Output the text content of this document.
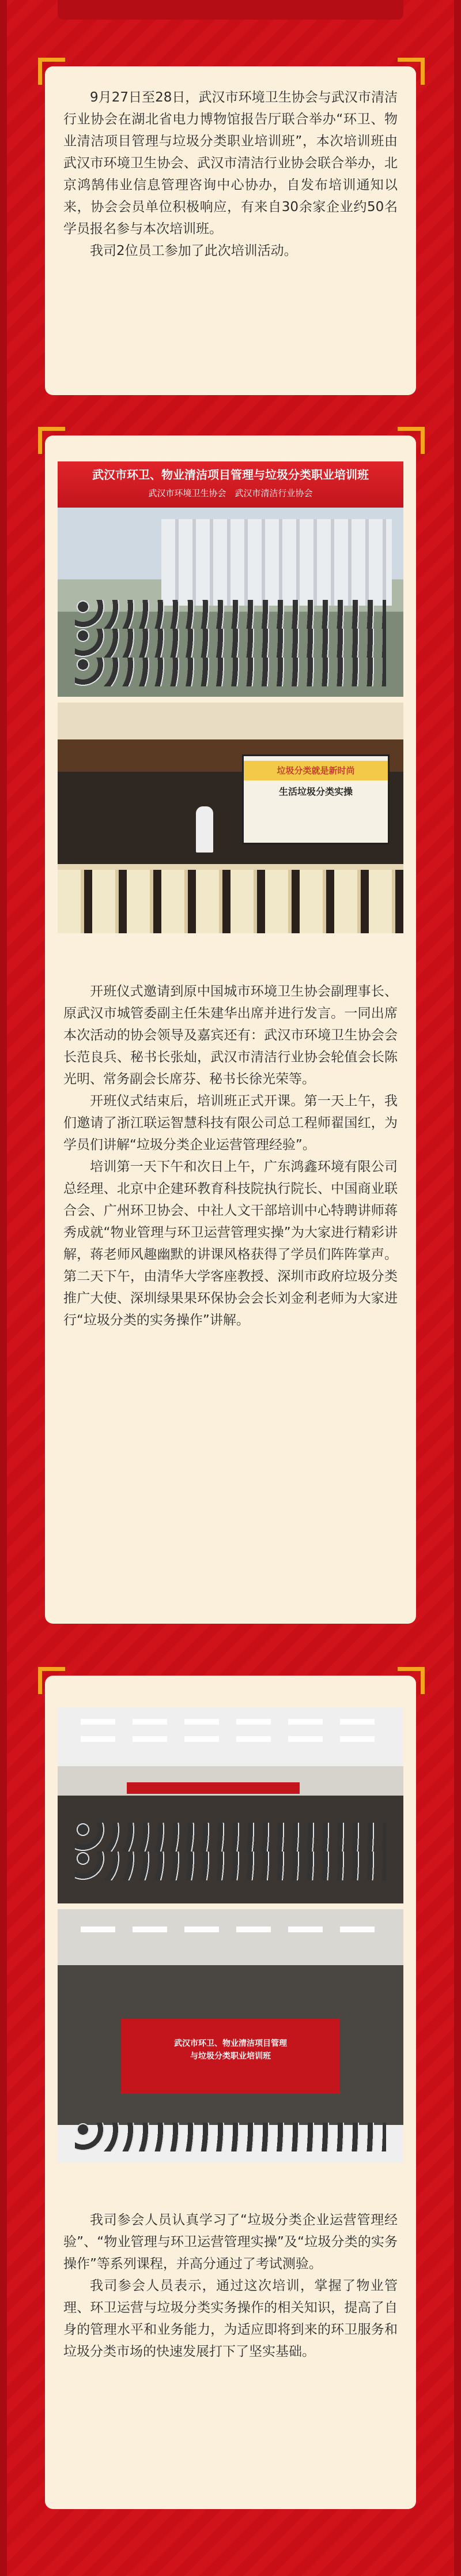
9月27日至28日，武汉市环境卫生协会与武汉市清洁行业协会在湖北省电力博物馆报告厅联合举办“环卫、物业清洁项目管理与垃圾分类职业培训班”，本次培训班由武汉市环境卫生协会、武汉市清洁行业协会联合举办，北京鸿鹄伟业信息管理咨询中心协办，自发布培训通知以来，协会会员单位积极响应，有来自30余家企业约50名学员报名参与本次培训班。

我司2位员工参加了此次培训活动。

武汉市环卫、物业清洁项目管理与垃圾分类职业培训班
武汉市环境卫生协会　武汉市清洁行业协会
垃圾分类就是新时尚
生活垃圾分类实操

开班仪式邀请到原中国城市环境卫生协会副理事长、原武汉市城管委副主任朱建华出席并进行发言。一同出席本次活动的协会领导及嘉宾还有：武汉市环境卫生协会会长范良兵、秘书长张灿，武汉市清洁行业协会轮值会长陈光明、常务副会长席芬、秘书长徐光荣等。

开班仪式结束后，培训班正式开课。第一天上午，我们邀请了浙江联运智慧科技有限公司总工程师翟国红，为学员们讲解“垃圾分类企业运营管理经验”。

培训第一天下午和次日上午，广东鸿鑫环境有限公司总经理、北京中企建环教育科技院执行院长、中国商业联合会、广州环卫协会、中社人文干部培训中心特聘讲师蒋秀成就“物业管理与环卫运营管理实操”为大家进行精彩讲解，蒋老师风趣幽默的讲课风格获得了学员们阵阵掌声。第二天下午，由清华大学客座教授、深圳市政府垃圾分类推广大使、深圳绿果果环保协会会长刘金利老师为大家进行“垃圾分类的实务操作”讲解。

武汉市环卫、物业清洁项目管理
与垃圾分类职业培训班

我司参会人员认真学习了“垃圾分类企业运营管理经验”、“物业管理与环卫运营管理实操”及“垃圾分类的实务操作”等系列课程，并高分通过了考试测验。

我司参会人员表示，通过这次培训，掌握了物业管理、环卫运营与垃圾分类实务操作的相关知识，提高了自身的管理水平和业务能力，为适应即将到来的环卫服务和垃圾分类市场的快速发展打下了坚实基础。
